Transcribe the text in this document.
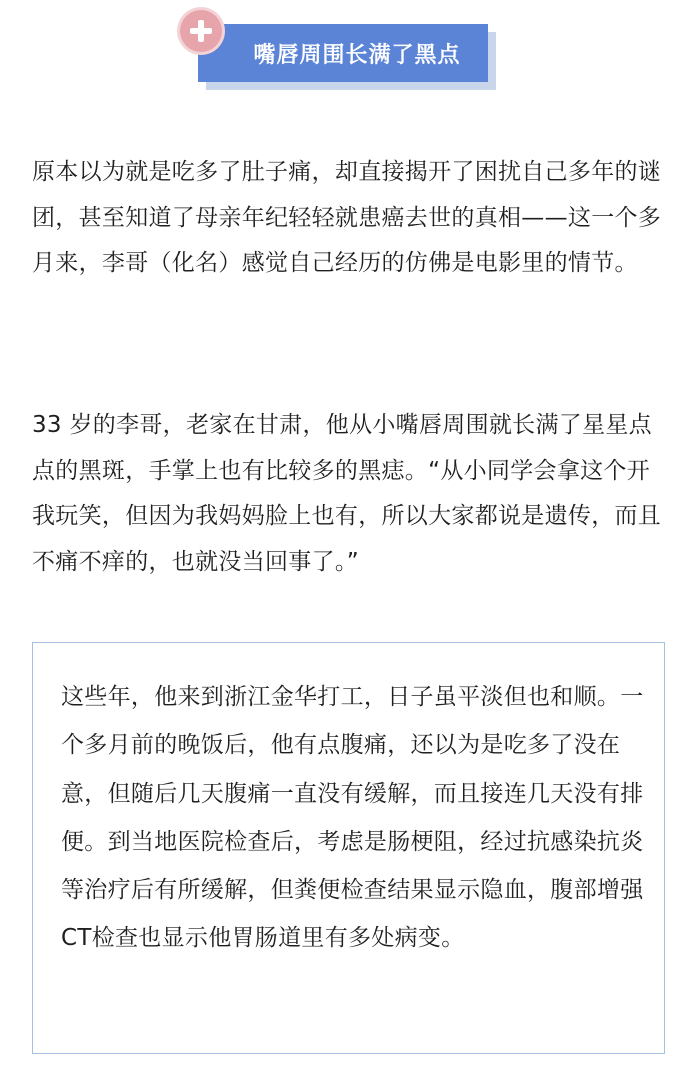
嘴唇周围长满了黑点

原本以为就是吃多了肚子痛，却直接揭开了困扰自己多年的谜团，甚至知道了母亲年纪轻轻就患癌去世的真相——这一个多月来，李哥（化名）感觉自己经历的仿佛是电影里的情节。

33 岁的李哥，老家在甘肃，他从小嘴唇周围就长满了星星点点的黑斑，手掌上也有比较多的黑痣。“从小同学会拿这个开我玩笑，但因为我妈妈脸上也有，所以大家都说是遗传，而且不痛不痒的，也就没当回事了。”

这些年，他来到浙江金华打工，日子虽平淡但也和顺。一个多月前的晚饭后，他有点腹痛，还以为是吃多了没在意，但随后几天腹痛一直没有缓解，而且接连几天没有排便。到当地医院检查后，考虑是肠梗阻，经过抗感染抗炎等治疗后有所缓解，但粪便检查结果显示隐血，腹部增强CT检查也显示他胃肠道里有多处病变。
